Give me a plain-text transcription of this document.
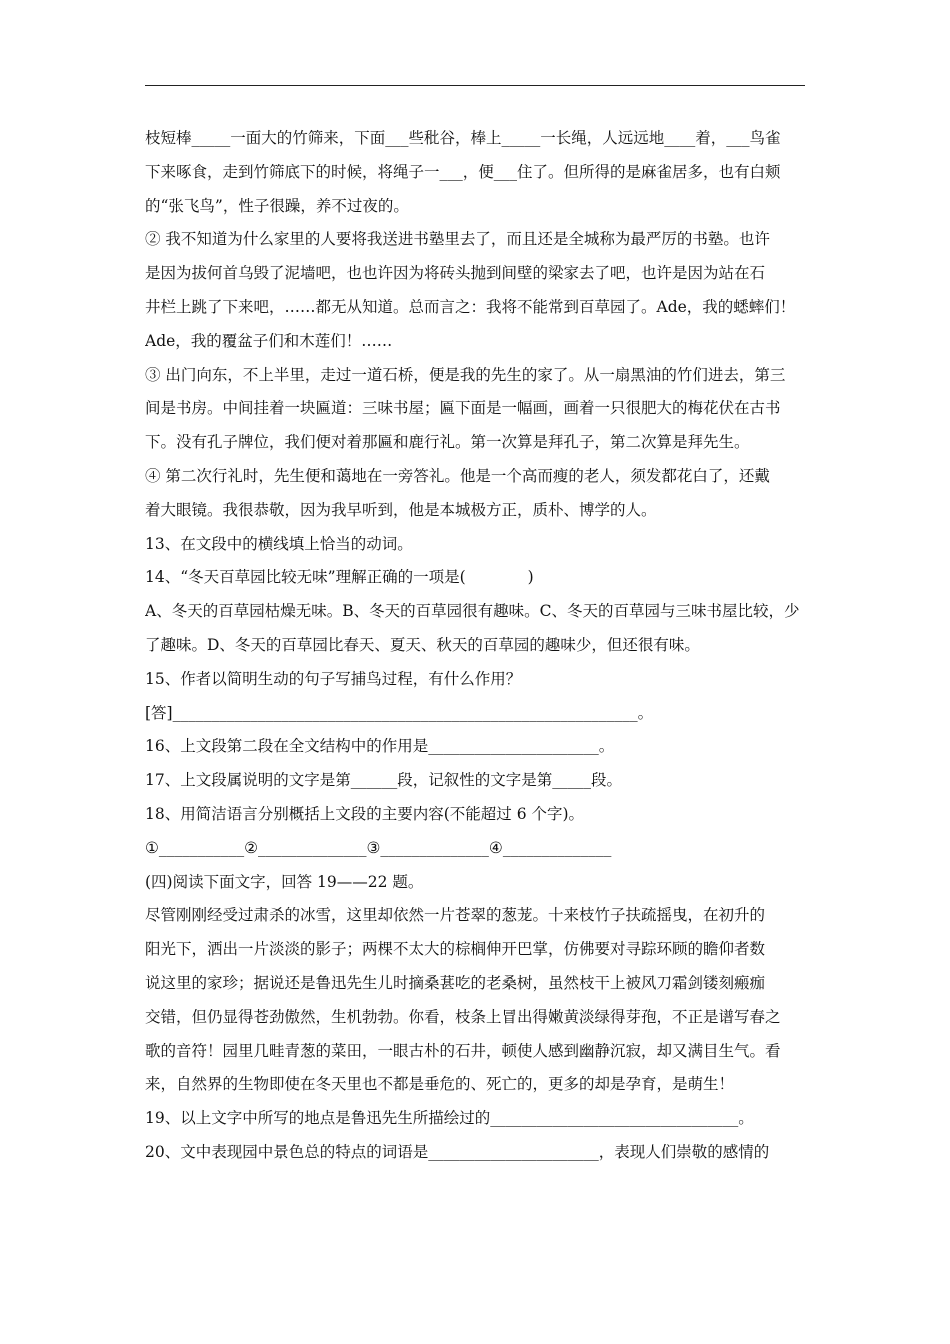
枝短棒_____一面大的竹筛来，下面___些秕谷，棒上_____一长绳，人远远地____着，___鸟雀
下来啄食，走到竹筛底下的时候，将绳子一___，便___住了。但所得的是麻雀居多，也有白颊
的“张飞鸟”，性子很躁，养不过夜的。
② 我不知道为什么家里的人要将我送进书塾里去了，而且还是全城称为最严厉的书塾。也许
是因为拔何首乌毁了泥墙吧，也也许因为将砖头抛到间壁的梁家去了吧，也许是因为站在石
井栏上跳了下来吧，……都无从知道。总而言之：我将不能常到百草园了。Ade，我的蟋蟀们！
Ade，我的覆盆子们和木莲们！……
③ 出门向东，不上半里，走过一道石桥，便是我的先生的家了。从一扇黑油的竹们进去，第三
间是书房。中间挂着一块匾道：三味书屋；匾下面是一幅画，画着一只很肥大的梅花伏在古书
下。没有孔子牌位，我们便对着那匾和鹿行礼。第一次算是拜孔子，第二次算是拜先生。
④ 第二次行礼时，先生便和蔼地在一旁答礼。他是一个高而瘦的老人，须发都花白了，还戴
着大眼镜。我很恭敬，因为我早听到，他是本城极方正，质朴、博学的人。
13、在文段中的横线填上恰当的动词。
14、“冬天百草园比较无味”理解正确的一项是(　　　　)
A、冬天的百草园枯燥无味。B、冬天的百草园很有趣味。C、冬天的百草园与三味书屋比较，少
了趣味。D、冬天的百草园比春天、夏天、秋天的百草园的趣味少，但还很有味。
15、作者以简明生动的句子写捕鸟过程，有什么作用？
[答]____________________________________________________________。
16、上文段第二段在全文结构中的作用是______________________。
17、上文段属说明的文字是第______段，记叙性的文字是第_____段。
18、用简洁语言分别概括上文段的主要内容(不能超过 6 个字)。
①___________②______________③______________④______________
(四)阅读下面文字，回答 19——22 题。
尽管刚刚经受过肃杀的冰雪，这里却依然一片苍翠的葱茏。十来枝竹子扶疏摇曳，在初升的
阳光下，洒出一片淡淡的影子；两棵不太大的棕榈伸开巴掌，仿佛要对寻踪环顾的瞻仰者数
说这里的家珍；据说还是鲁迅先生儿时摘桑葚吃的老桑树，虽然枝干上被风刀霜剑镂刻瘢痂
交错，但仍显得苍劲傲然，生机勃勃。你看，枝条上冒出得嫩黄淡绿得芽孢，不正是谱写春之
歌的音符！园里几畦青葱的菜田，一眼古朴的石井，顿使人感到幽静沉寂，却又满目生气。看
来，自然界的生物即使在冬天里也不都是垂危的、死亡的，更多的却是孕育，是萌生！
19、以上文字中所写的地点是鲁迅先生所描绘过的________________________________。
20、文中表现园中景色总的特点的词语是______________________，表现人们崇敬的感情的
